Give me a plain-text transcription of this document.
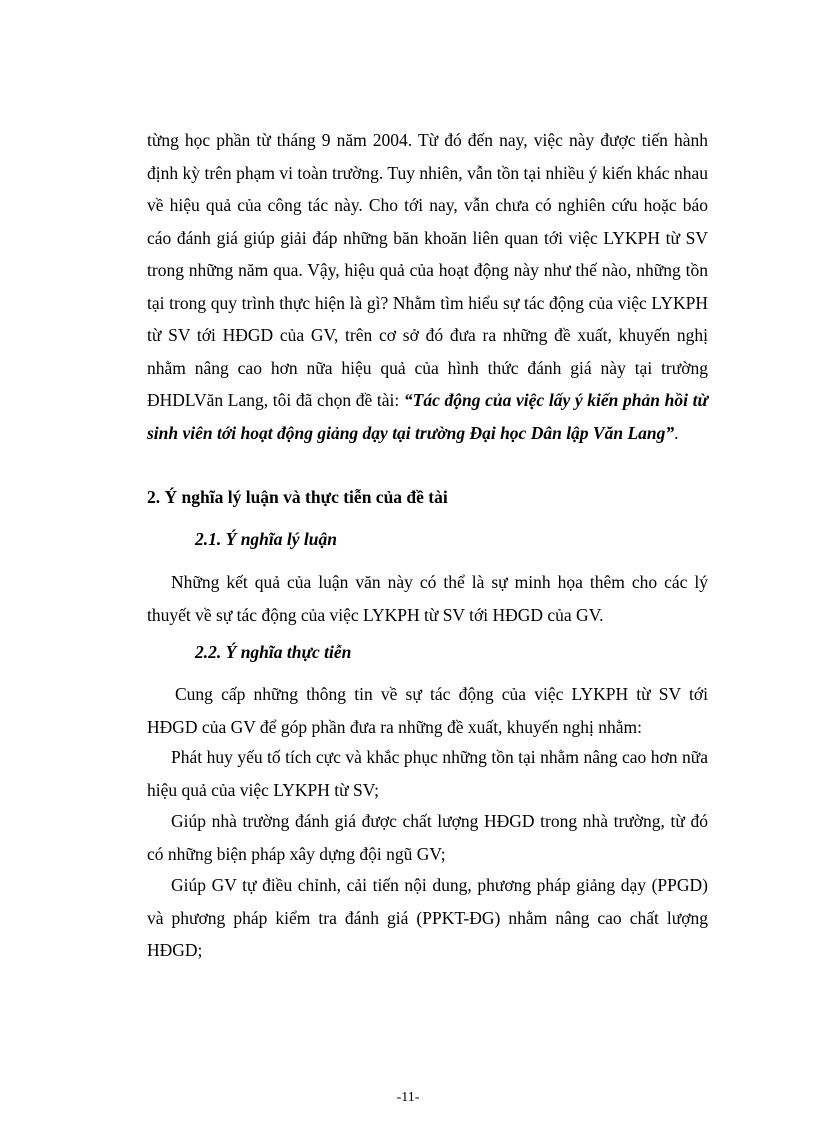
từng học phần từ tháng 9 năm 2004. Từ đó đến nay, việc này được tiến hành định kỳ trên phạm vi toàn trường. Tuy nhiên, vẫn tồn tại nhiều ý kiến khác nhau về hiệu quả của công tác này. Cho tới nay, vẫn chưa có nghiên cứu hoặc báo cáo đánh giá giúp giải đáp những băn khoăn liên quan tới việc LYKPH từ SV trong những năm qua. Vậy, hiệu quả của hoạt động này như thế nào, những tồn tại trong quy trình thực hiện là gì? Nhằm tìm hiểu sự tác động của việc LYKPH từ SV tới HĐGD của GV, trên cơ sở đó đưa ra những đề xuất, khuyến nghị nhằm nâng cao hơn nữa hiệu quả của hình thức đánh giá này tại trường ĐHDLVăn Lang, tôi đã chọn đề tài: “Tác động của việc lấy ý kiến phản hồi từ sinh viên tới hoạt động giảng dạy tại trường Đại học Dân lập Văn Lang”.
2. Ý nghĩa lý luận và thực tiễn của đề tài
2.1. Ý nghĩa lý luận
Những kết quả của luận văn này có thể là sự minh họa thêm cho các lý thuyết về sự tác động của việc LYKPH từ SV tới HĐGD của GV.
2.2. Ý nghĩa thực tiễn
Cung cấp những thông tin về sự tác động của việc LYKPH từ SV tới HĐGD của GV để góp phần đưa ra những đề xuất, khuyến nghị nhằm:
Phát huy yếu tố tích cực và khắc phục những tồn tại nhằm nâng cao hơn nữa hiệu quả của việc LYKPH từ SV;
Giúp nhà trường đánh giá được chất lượng HĐGD trong nhà trường, từ đó có những biện pháp xây dựng đội ngũ GV;
Giúp GV tự điều chỉnh, cải tiến nội dung, phương pháp giảng dạy (PPGD) và phương pháp kiểm tra đánh giá (PPKT-ĐG) nhằm nâng cao chất lượng HĐGD;
-11-
